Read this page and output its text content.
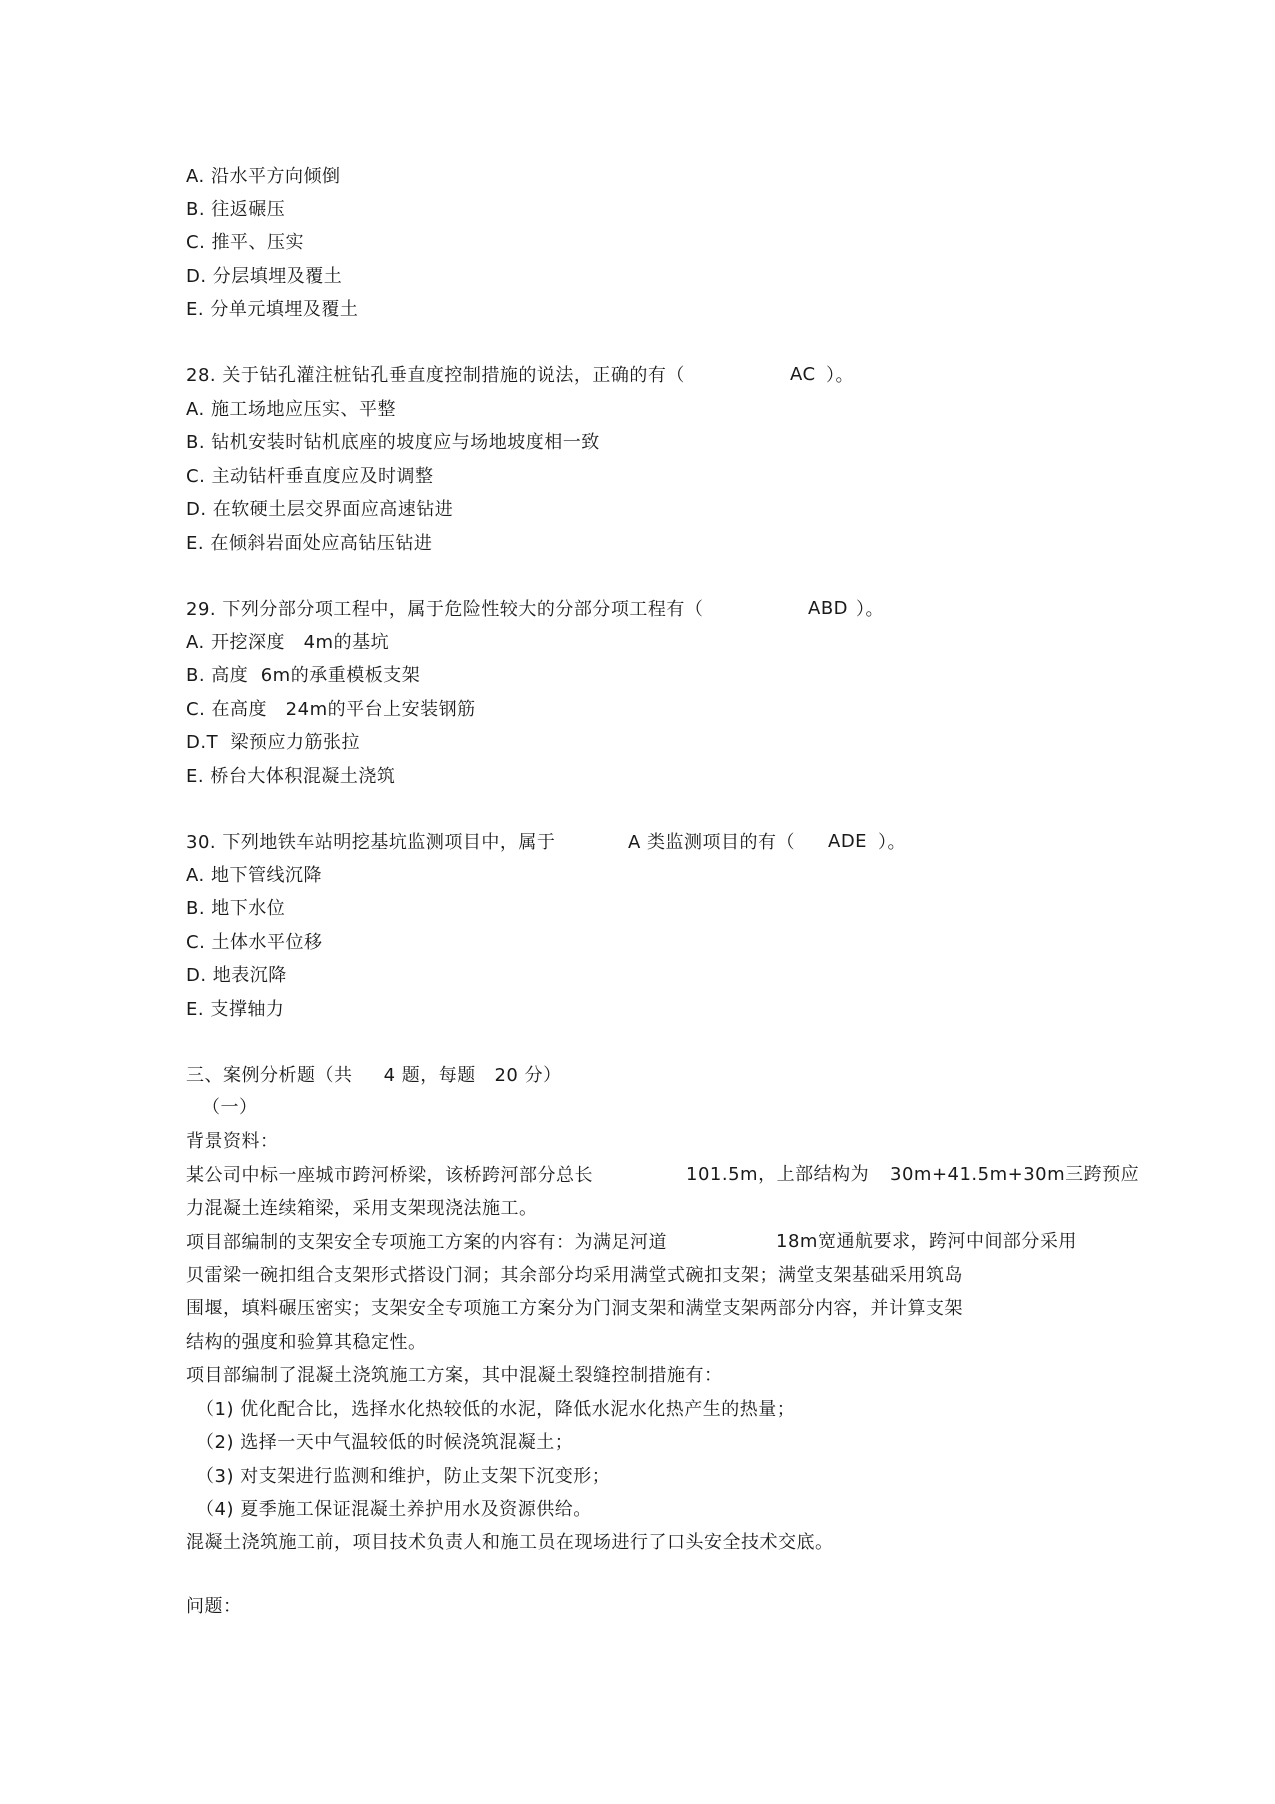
A. 沿水平方向倾倒
B. 往返碾压
C. 推平、压实
D. 分层填埋及覆土
E. 分单元填埋及覆土
28. 关于钻孔灌注桩钻孔垂直度控制措施的说法，正确的有（	AC ）。
A. 施工场地应压实、平整
B. 钻机安装时钻机底座的坡度应与场地坡度相一致
C. 主动钻杆垂直度应及时调整
D. 在软硬土层交界面应高速钻进
E. 在倾斜岩面处应高钻压钻进
29. 下列分部分项工程中，属于危险性较大的分部分项工程有（	ABD ）。
A. 开挖深度   4m的基坑
B. 高度  6m的承重模板支架
C. 在高度   24m的平台上安装钢筋
D.T  梁预应力筋张拉
E. 桥台大体积混凝土浇筑
30. 下列地铁车站明挖基坑监测项目中，属于	A 类监测项目的有（ ADE ）。
A. 地下管线沉降
B. 地下水位
C. 土体水平位移
D. 地表沉降
E. 支撑轴力
三、案例分析题（共     4 题，每题   20 分）
（一）
背景资料：
某公司中标一座城市跨河桥梁，该桥跨河部分总长	101.5m，上部结构为 30m+41.5m+30m三跨预应
力混凝土连续箱梁，采用支架现浇法施工。
项目部编制的支架安全专项施工方案的内容有：为满足河道	18m宽通航要求，跨河中间部分采用
贝雷梁一碗扣组合支架形式搭设门洞；其余部分均采用满堂式碗扣支架；满堂支架基础采用筑岛
围堰，填料碾压密实；支架安全专项施工方案分为门洞支架和满堂支架两部分内容，并计算支架
结构的强度和验算其稳定性。
项目部编制了混凝土浇筑施工方案，其中混凝土裂缝控制措施有：
（1) 优化配合比，选择水化热较低的水泥，降低水泥水化热产生的热量；
（2) 选择一天中气温较低的时候浇筑混凝土；
（3) 对支架进行监测和维护，防止支架下沉变形；
（4) 夏季施工保证混凝土养护用水及资源供给。
混凝土浇筑施工前，项目技术负责人和施工员在现场进行了口头安全技术交底。
问题：
